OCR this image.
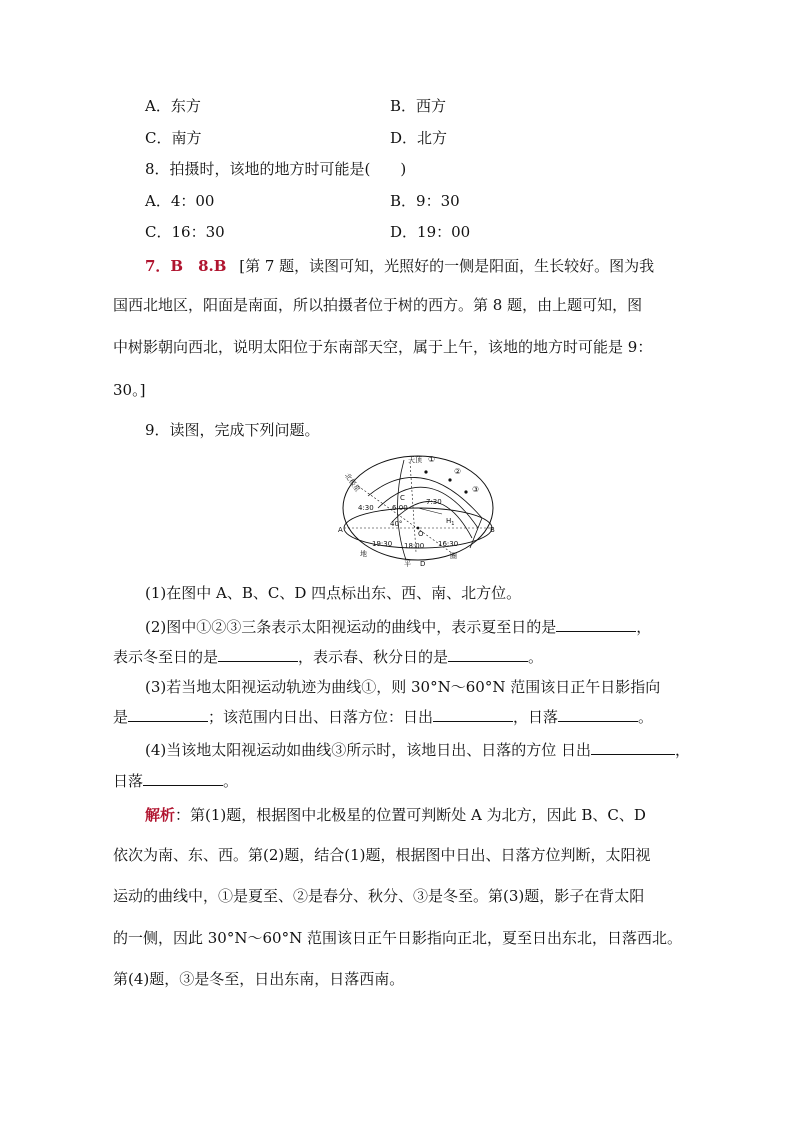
A．东方	B．西方
C．南方	D．北方
8．拍摄时，该地的地方时可能是(　　)
A．4：00	B．9：30
C．16：30	D．19：00
7．B　8.B [第 7 题，读图可知，光照好的一侧是阳面，生长较好。图为我
国西北地区，阳面是南面，所以拍摄者位于树的西方。第 8 题，由上题可知，图
中树影朝向西北，说明太阳位于东南部天空，属于上午，该地的地方时可能是 9：
30。]
9．读图，完成下列问题。
天顶 ①
②
③
北极星
4:30	6:00
7:30
C
40°	$H_1$
A	B
O
19:30 18:00 16:30
地
平 D
圈
(1)在图中 A、B、C、D 四点标出东、西、南、北方位。
(2)图中①②③三条表示太阳视运动的曲线中，表示夏至日的是	，
表示冬至日的是	，表示春、秋分日的是	。
(3)若当地太阳视运动轨迹为曲线①，则 30°N～60°N 范围该日正午日影指向
是	；该范围内日出、日落方位：日出	，日落	。
(4)当该地太阳视运动如曲线③所示时，该地日出、日落的方位 日出	，
日落	。
解析：第(1)题，根据图中北极星的位置可判断处 A 为北方，因此 B、C、D
依次为南、东、西。第(2)题，结合(1)题，根据图中日出、日落方位判断，太阳视
运动的曲线中，①是夏至、②是春分、秋分、③是冬至。第(3)题，影子在背太阳
的一侧，因此 30°N～60°N 范围该日正午日影指向正北，夏至日出东北，日落西北。
第(4)题，③是冬至，日出东南，日落西南。
